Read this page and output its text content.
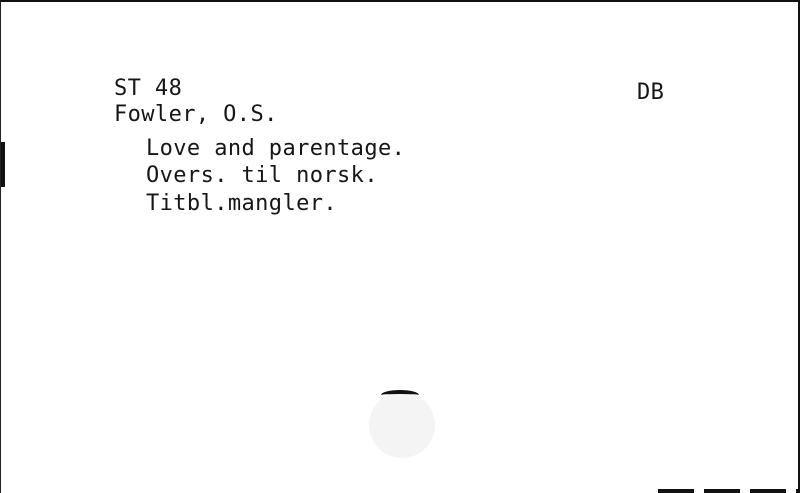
ST 48	DB
Fowler, O.S.
Love and parentage.
Overs. til norsk.
Titbl.mangler.
